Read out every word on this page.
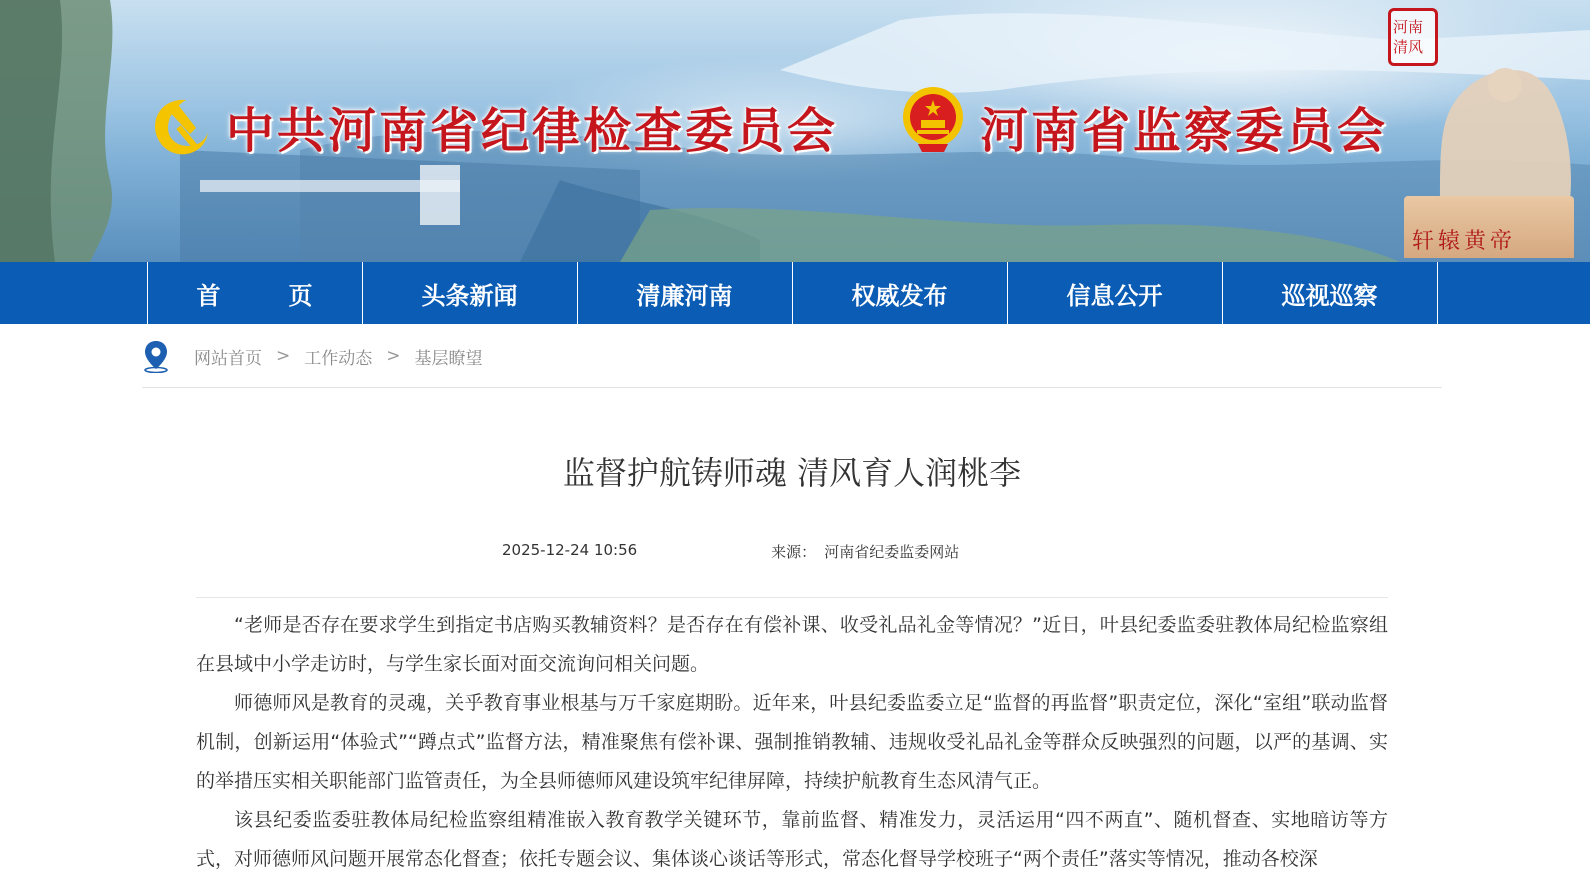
中共河南省纪律检查委员会	河南省监察委员会
河南清风
轩辕黄帝
首　页	头条新闻	清廉河南	权威发布	信息公开	巡视巡察
网站首页 > 工作动态 > 基层瞭望
监督护航铸师魂 清风育人润桃李
2025-12-24 10:56	来源： 河南省纪委监委网站

“老师是否存在要求学生到指定书店购买教辅资料？是否存在有偿补课、收受礼品礼金等情况？”近日，叶县纪委监委驻教体局纪检监察组在县域中小学走访时，与学生家长面对面交流询问相关问题。

师德师风是教育的灵魂，关乎教育事业根基与万千家庭期盼。近年来，叶县纪委监委立足“监督的再监督”职责定位，深化“室组”联动监督机制，创新运用“体验式”“蹲点式”监督方法，精准聚焦有偿补课、强制推销教辅、违规收受礼品礼金等群众反映强烈的问题，以严的基调、实的举措压实相关职能部门监管责任，为全县师德师风建设筑牢纪律屏障，持续护航教育生态风清气正。

该县纪委监委驻教体局纪检监察组精准嵌入教育教学关键环节，靠前监督、精准发力，灵活运用“四不两直”、随机督查、实地暗访等方式，对师德师风问题开展常态化督查；依托专题会议、集体谈心谈话等形式，常态化督导学校班子“两个责任”落实等情况，推动各校深
